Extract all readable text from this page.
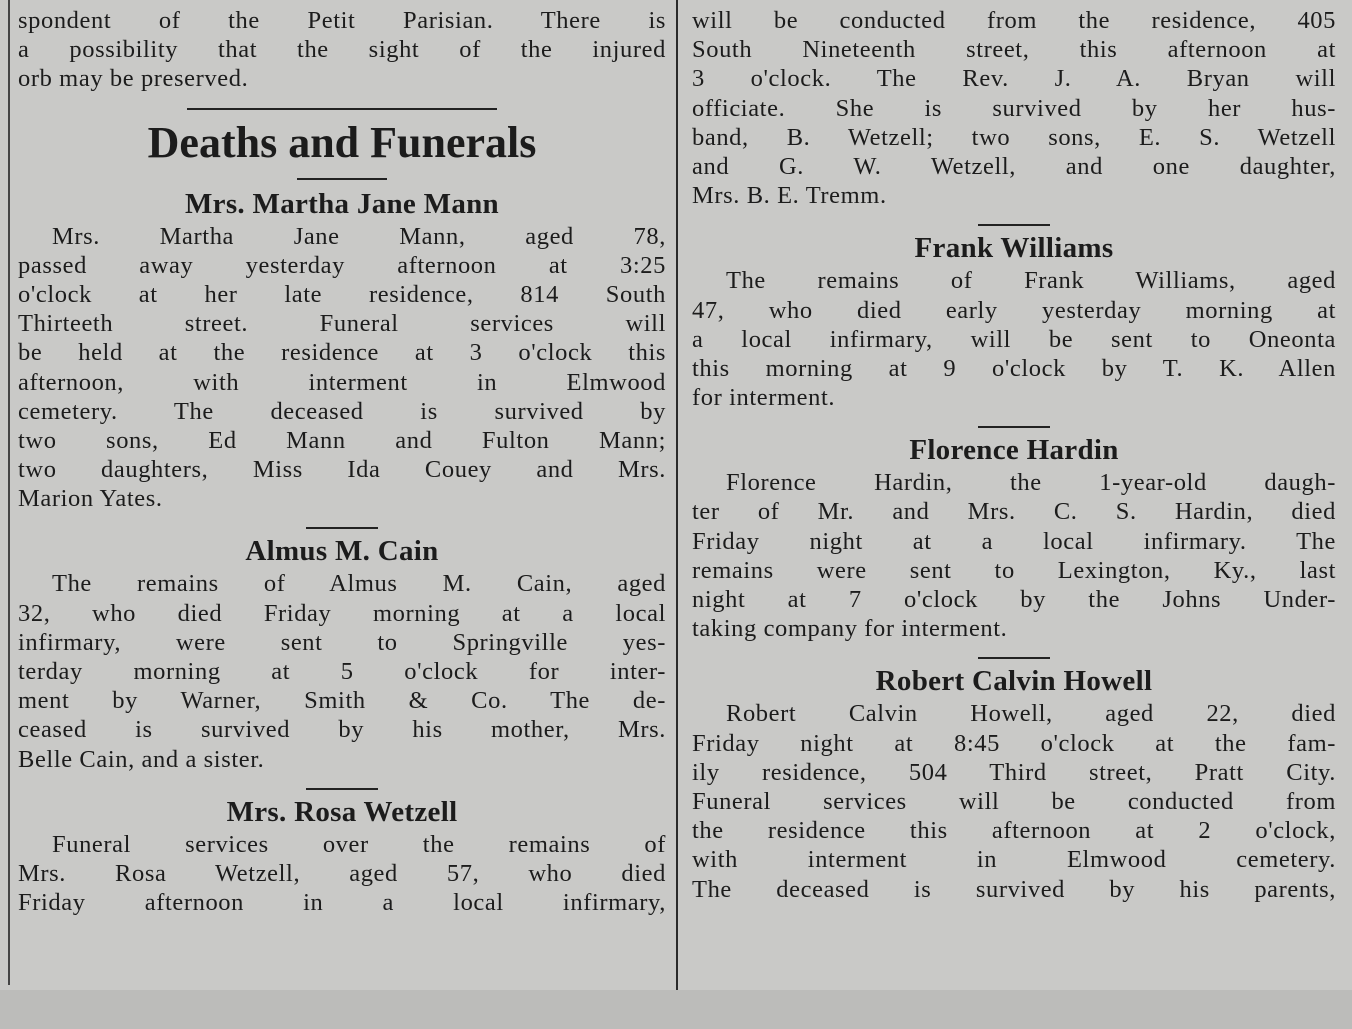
spondent of the Petit Parisian. There is
a possibility that the sight of the injured
orb may be preserved.
Deaths and Funerals
Mrs. Martha Jane Mann
Mrs. Martha Jane Mann, aged 78,
passed away yesterday afternoon at 3:25
o'clock at her late residence, 814 South
Thirteeth street. Funeral services will
be held at the residence at 3 o'clock this
afternoon, with interment in Elmwood
cemetery. The deceased is survived by
two sons, Ed Mann and Fulton Mann;
two daughters, Miss Ida Couey and Mrs.
Marion Yates.
Almus M. Cain
The remains of Almus M. Cain, aged
32, who died Friday morning at a local
infirmary, were sent to Springville yes-
terday morning at 5 o'clock for inter-
ment by Warner, Smith & Co. The de-
ceased is survived by his mother, Mrs.
Belle Cain, and a sister.
Mrs. Rosa Wetzell
Funeral services over the remains of
Mrs. Rosa Wetzell, aged 57, who died
Friday afternoon in a local infirmary,
will be conducted from the residence, 405
South Nineteenth street, this afternoon at
3 o'clock. The Rev. J. A. Bryan will
officiate. She is survived by her hus-
band, B. Wetzell; two sons, E. S. Wetzell
and G. W. Wetzell, and one daughter,
Mrs. B. E. Tremm.
Frank Williams
The remains of Frank Williams, aged
47, who died early yesterday morning at
a local infirmary, will be sent to Oneonta
this morning at 9 o'clock by T. K. Allen
for interment.
Florence Hardin
Florence Hardin, the 1-year-old daugh-
ter of Mr. and Mrs. C. S. Hardin, died
Friday night at a local infirmary. The
remains were sent to Lexington, Ky., last
night at 7 o'clock by the Johns Under-
taking company for interment.
Robert Calvin Howell
Robert Calvin Howell, aged 22, died
Friday night at 8:45 o'clock at the fam-
ily residence, 504 Third street, Pratt City.
Funeral services will be conducted from
the residence this afternoon at 2 o'clock,
with interment in Elmwood cemetery.
The deceased is survived by his parents,
